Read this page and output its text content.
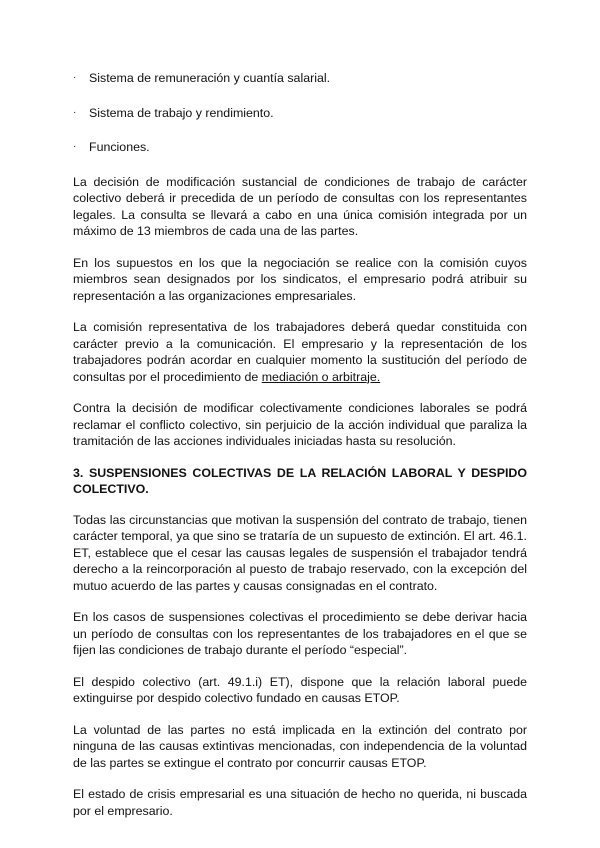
·	Sistema de remuneración y cuantía salarial.
·	Sistema de trabajo y rendimiento.
·	Funciones.

La decisión de modificación sustancial de condiciones de trabajo de carácter colectivo deberá ir precedida de un período de consultas con los representantes legales. La consulta se llevará a cabo en una única comisión integrada por un máximo de 13 miembros de cada una de las partes.

En los supuestos en los que la negociación se realice con la comisión cuyos miembros sean designados por los sindicatos, el empresario podrá atribuir su representación a las organizaciones empresariales.

La comisión representativa de los trabajadores deberá quedar constituida con carácter previo a la comunicación. El empresario y la representación de los trabajadores podrán acordar en cualquier momento la sustitución del período de consultas por el procedimiento de mediación o arbitraje.

Contra la decisión de modificar colectivamente condiciones laborales se podrá reclamar el conflicto colectivo, sin perjuicio de la acción individual que paraliza la tramitación de las acciones individuales iniciadas hasta su resolución.

3. SUSPENSIONES COLECTIVAS DE LA RELACIÓN LABORAL Y DESPIDO COLECTIVO.

Todas las circunstancias que motivan la suspensión del contrato de trabajo, tienen carácter temporal, ya que sino se trataría de un supuesto de extinción. El art. 46.1. ET, establece que el cesar las causas legales de suspensión el trabajador tendrá derecho a la reincorporación al puesto de trabajo reservado, con la excepción del mutuo acuerdo de las partes y causas consignadas en el contrato.

En los casos de suspensiones colectivas el procedimiento se debe derivar hacia un período de consultas con los representantes de los trabajadores en el que se fijen las condiciones de trabajo durante el período “especial”.

El despido colectivo (art. 49.1.i) ET), dispone que la relación laboral puede extinguirse por despido colectivo fundado en causas ETOP.

La voluntad de las partes no está implicada en la extinción del contrato por ninguna de las causas extintivas mencionadas, con independencia de la voluntad de las partes se extingue el contrato por concurrir causas ETOP.

El estado de crisis empresarial es una situación de hecho no querida, ni buscada por el empresario.
